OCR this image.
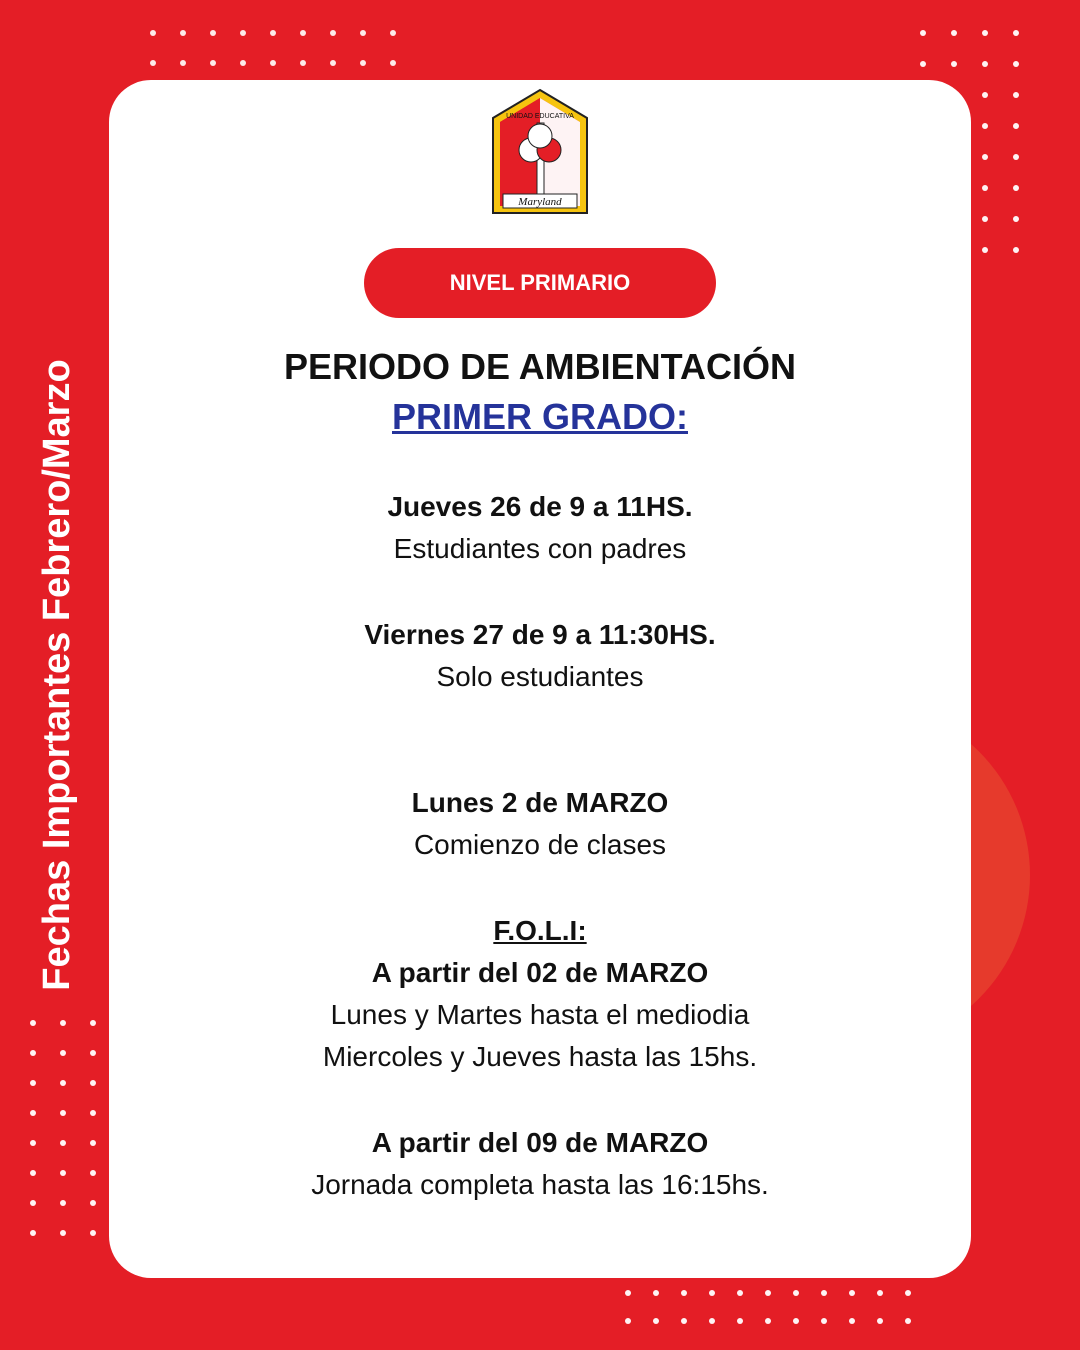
Fechas Importantes Febrero/Marzo
Maryland
UNIDAD EDUCATIVA
NIVEL PRIMARIO

PERIODO DE AMBIENTACIÓN

PRIMER GRADO:

Jueves 26 de 9 a 11HS.

Estudiantes con padres

Viernes 27 de 9 a 11:30HS.

Solo estudiantes

Lunes 2 de MARZO

Comienzo de clases

F.O.L.I:

A partir del 02 de MARZO

Lunes y Martes hasta el mediodia

Miercoles y Jueves hasta las 15hs.

A partir del 09 de MARZO

Jornada completa hasta las 16:15hs.
